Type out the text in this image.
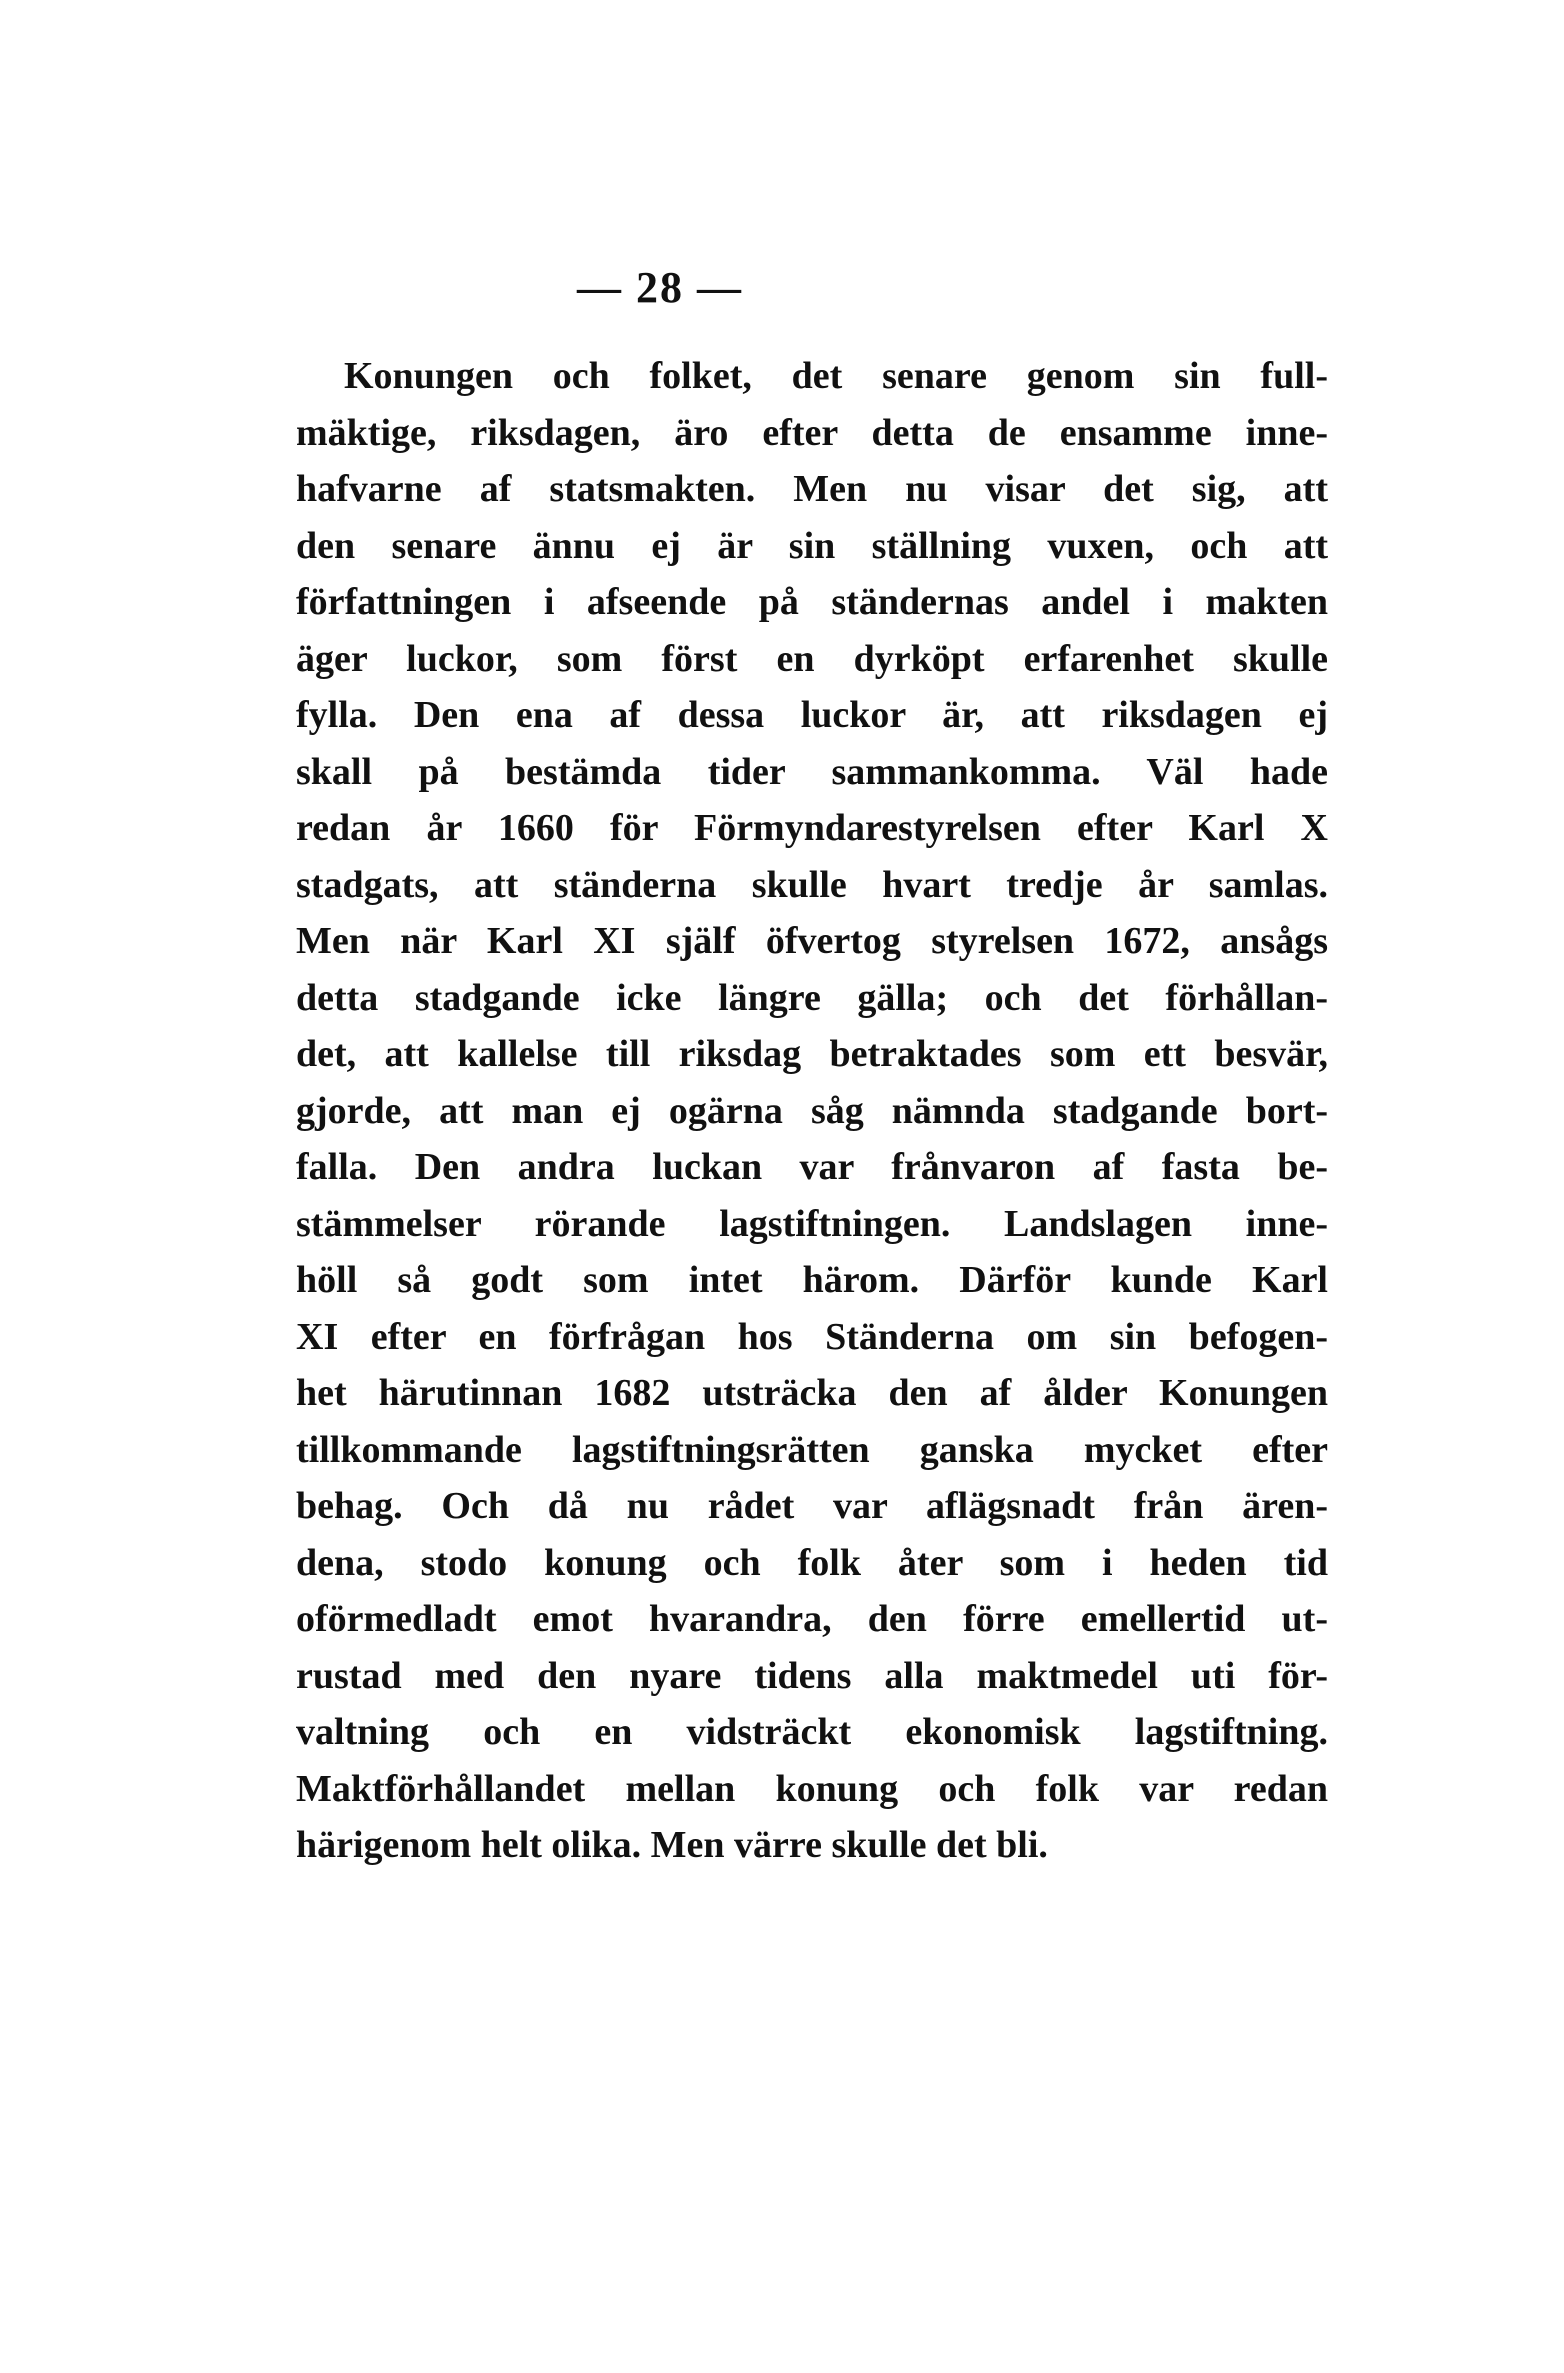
— 28 —
Konungen och folket, det senare genom sin full-
mäktige, riksdagen, äro efter detta de ensamme inne-
hafvarne af statsmakten. Men nu visar det sig, att
den senare ännu ej är sin ställning vuxen, och att
författningen i afseende på ständernas andel i makten
äger luckor, som först en dyrköpt erfarenhet skulle
fylla. Den ena af dessa luckor är, att riksdagen ej
skall på bestämda tider sammankomma. Väl hade
redan år 1660 för Förmyndarestyrelsen efter Karl X
stadgats, att ständerna skulle hvart tredje år samlas.
Men när Karl XI själf öfvertog styrelsen 1672, ansågs
detta stadgande icke längre gälla; och det förhållan-
det, att kallelse till riksdag betraktades som ett besvär,
gjorde, att man ej ogärna såg nämnda stadgande bort-
falla. Den andra luckan var frånvaron af fasta be-
stämmelser rörande lagstiftningen. Landslagen inne-
höll så godt som intet härom. Därför kunde Karl
XI efter en förfrågan hos Ständerna om sin befogen-
het härutinnan 1682 utsträcka den af ålder Konungen
tillkommande lagstiftningsrätten ganska mycket efter
behag. Och då nu rådet var aflägsnadt från ären-
dena, stodo konung och folk åter som i heden tid
oförmedladt emot hvarandra, den förre emellertid ut-
rustad med den nyare tidens alla maktmedel uti för-
valtning och en vidsträckt ekonomisk lagstiftning.
Maktförhållandet mellan konung och folk var redan
härigenom helt olika. Men värre skulle det bli.
